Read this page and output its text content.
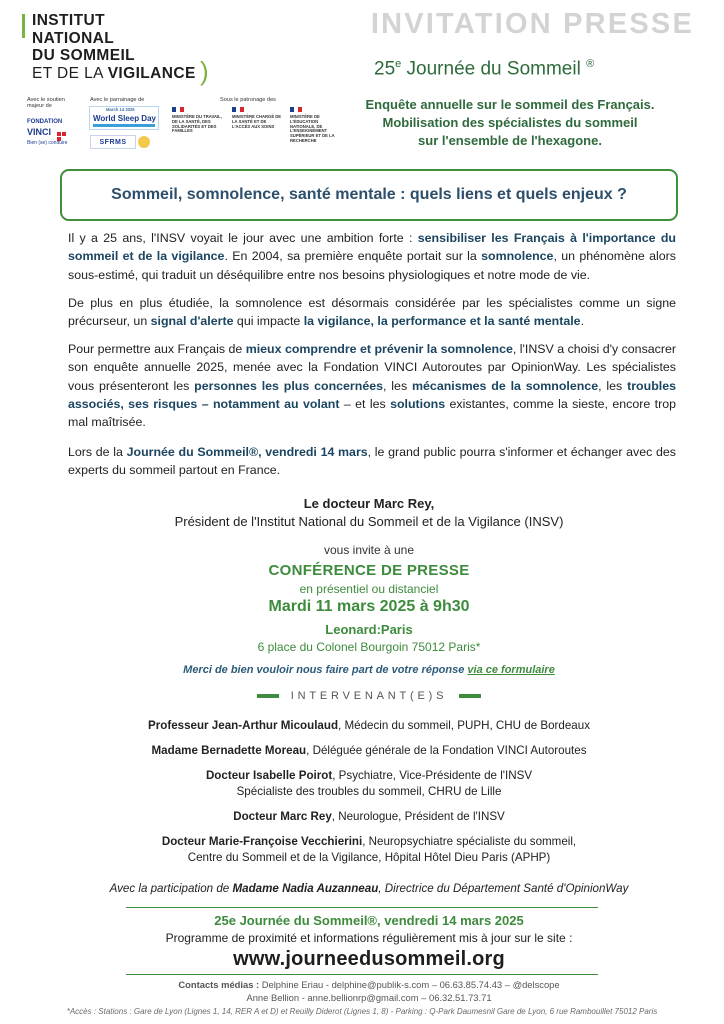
INSTITUT
NATIONAL
DU SOMMEIL
ET DE LA VIGILANCE )
Avec le soutien majeur de
FONDATION
VINCI
Bien (se) conduire
Avec le parrainage de
March 14 2025
World Sleep Day
SFRMS
Sous le patronage des
MINISTÈRE DU TRAVAIL, DE LA SANTÉ, DES SOLIDARITÉS ET DES FAMILLES
MINISTÈRE CHARGÉ DE LA SANTÉ ET DE L'ACCÈS AUX SOINS
MINISTÈRE DE L'ÉDUCATION NATIONALE, DE L'ENSEIGNEMENT SUPÉRIEUR ET DE LA RECHERCHE
INVITATION PRESSE
25e Journée du Sommeil ®
Enquête annuelle sur le sommeil des Français.
Mobilisation des spécialistes du sommeil
sur l'ensemble de l'hexagone.
Sommeil, somnolence, santé mentale : quels liens et quels enjeux ?
Il y a 25 ans, l'INSV voyait le jour avec une ambition forte : sensibiliser les Français à l'importance du sommeil et de la vigilance. En 2004, sa première enquête portait sur la somnolence, un phénomène alors sous-estimé, qui traduit un déséquilibre entre nos besoins physiologiques et notre mode de vie.
De plus en plus étudiée, la somnolence est désormais considérée par les spécialistes comme un signe précurseur, un signal d'alerte qui impacte la vigilance, la performance et la santé mentale.
Pour permettre aux Français de mieux comprendre et prévenir la somnolence, l'INSV a choisi d'y consacrer son enquête annuelle 2025, menée avec la Fondation VINCI Autoroutes par OpinionWay. Les spécialistes vous présenteront les personnes les plus concernées, les mécanismes de la somnolence, les troubles associés, ses risques – notamment au volant – et les solutions existantes, comme la sieste, encore trop mal maîtrisée.
Lors de la Journée du Sommeil®, vendredi 14 mars, le grand public pourra s'informer et échanger avec des experts du sommeil partout en France.
Le docteur Marc Rey,
Président de l'Institut National du Sommeil et de la Vigilance (INSV)
vous invite à une
CONFÉRENCE DE PRESSE
en présentiel ou distanciel
Mardi 11 mars 2025 à 9h30
Leonard:Paris
6 place du Colonel Bourgoin 75012 Paris*
Merci de bien vouloir nous faire part de votre réponse via ce formulaire
INTERVENANT(E)S
Professeur Jean-Arthur Micoulaud, Médecin du sommeil, PUPH, CHU de Bordeaux
Madame Bernadette Moreau, Déléguée générale de la Fondation VINCI Autoroutes
Docteur Isabelle Poirot, Psychiatre, Vice-Présidente de l'INSV
Spécialiste des troubles du sommeil, CHRU de Lille
Docteur Marc Rey, Neurologue, Président de l'INSV
Docteur Marie-Françoise Vecchierini, Neuropsychiatre spécialiste du sommeil,
Centre du Sommeil et de la Vigilance, Hôpital Hôtel Dieu Paris (APHP)
Avec la participation de Madame Nadia Auzanneau, Directrice du Département Santé d'OpinionWay
25e Journée du Sommeil®, vendredi 14 mars 2025
Programme de proximité et informations régulièrement mis à jour sur le site :
www.journeedusommeil.org
Contacts médias : Delphine Eriau - delphine@publik-s.com – 06.63.85.74.43 – @delscope
Anne Bellion - anne.bellionrp@gmail.com – 06.32.51.73.71
*Accès : Stations : Gare de Lyon (Lignes 1, 14, RER A et D) et Reuilly Diderot (Lignes 1, 8) - Parking : Q-Park Daumesnil Gare de Lyon, 6 rue Rambouillet 75012 Paris
